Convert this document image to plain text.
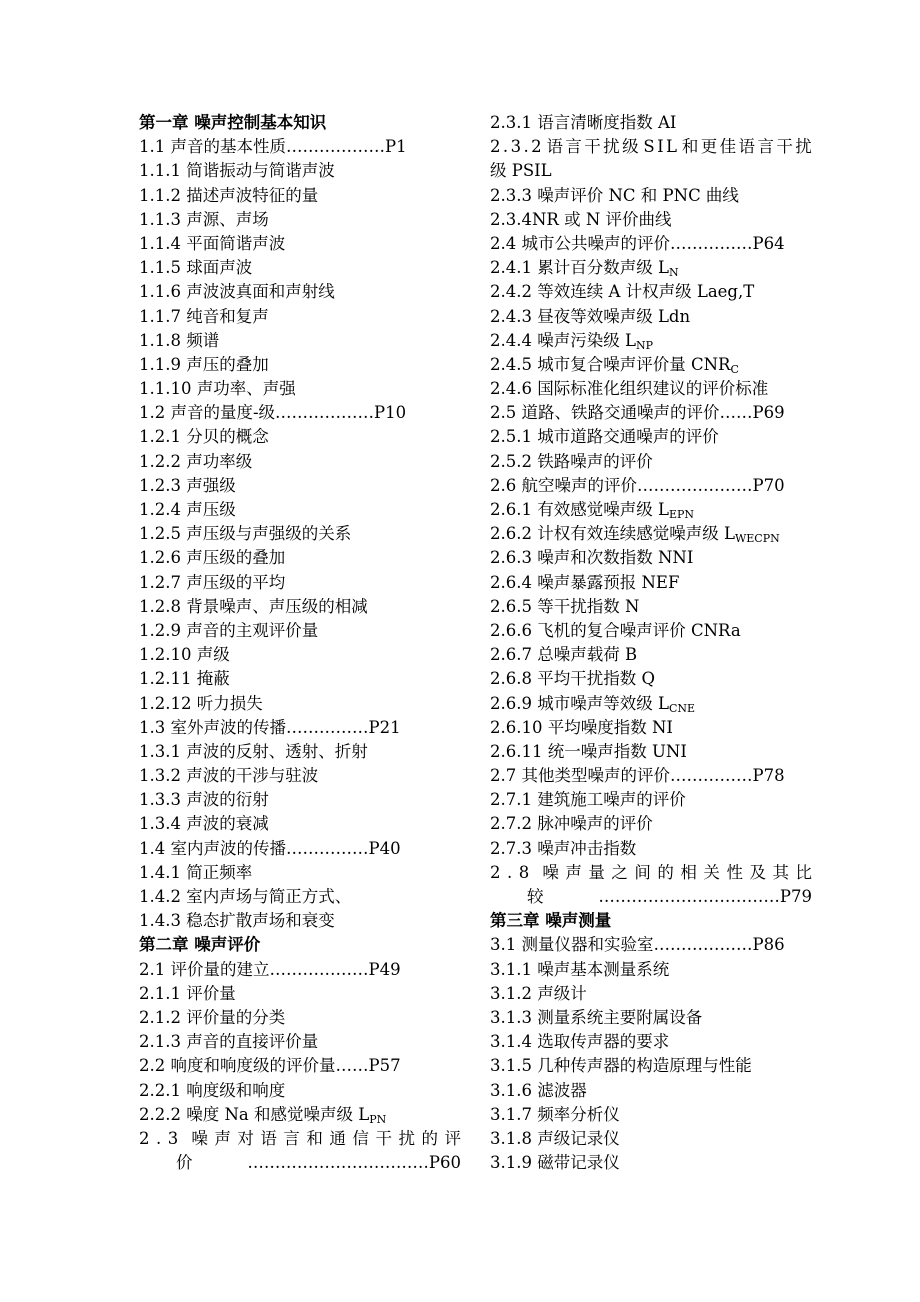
第一章 噪声控制基本知识
1.1 声音的基本性质………………P1
1.1.1 简谐振动与简谐声波
1.1.2 描述声波特征的量
1.1.3 声源、声场
1.1.4 平面简谐声波
1.1.5 球面声波
1.1.6 声波波真面和声射线
1.1.7 纯音和复声
1.1.8 频谱
1.1.9 声压的叠加
1.1.10 声功率、声强
1.2 声音的量度-级………………P10
1.2.1 分贝的概念
1.2.2 声功率级
1.2.3 声强级
1.2.4 声压级
1.2.5 声压级与声强级的关系
1.2.6 声压级的叠加
1.2.7 声压级的平均
1.2.8 背景噪声、声压级的相减
1.2.9 声音的主观评价量
1.2.10 声级
1.2.11 掩蔽
1.2.12 听力损失
1.3 室外声波的传播……………P21
1.3.1 声波的反射、透射、折射
1.3.2 声波的干涉与驻波
1.3.3 声波的衍射
1.3.4 声波的衰减
1.4 室内声波的传播……………P40
1.4.1 简正频率
1.4.2 室内声场与简正方式、
1.4.3 稳态扩散声场和衰变
第二章 噪声评价
2.1 评价量的建立………………P49
2.1.1 评价量
2.1.2 评价量的分类
2.1.3 声音的直接评价量
2.2 响度和响度级的评价量……P57
2.2.1 响度级和响度
2.2.2 噪度 Na 和感觉噪声级 $L_{PN}$
2 . 3 噪 声 对 语 言 和 通 信 干 扰 的 评
价	……………………………P60
2.3.1 语言清晰度指数 AI
2 . 3 . 2 语 言 干 扰 级 S I L 和 更 佳 语 言 干 扰
级 PSIL
2.3.3 噪声评价 NC 和 PNC 曲线
2.3.4NR 或 N 评价曲线
2.4 城市公共噪声的评价……………P64
2.4.1 累计百分数声级 $L_N$
2.4.2 等效连续 A 计权声级 Laeg,T
2.4.3 昼夜等效噪声级 Ldn
2.4.4 噪声污染级 $L_{NP}$
2.4.5 城市复合噪声评价量 $CNR_C$
2.4.6 国际标准化组织建议的评价标准
2.5 道路、铁路交通噪声的评价……P69
2.5.1 城市道路交通噪声的评价
2.5.2 铁路噪声的评价
2.6 航空噪声的评价…………………P70
2.6.1 有效感觉噪声级 $L_{EPN}$
2.6.2 计权有效连续感觉噪声级 $L_{WECPN}$
2.6.3 噪声和次数指数 NNI
2.6.4 噪声暴露预报 NEF
2.6.5 等干扰指数 N
2.6.6 飞机的复合噪声评价 CNRa
2.6.7 总噪声载荷 B
2.6.8 平均干扰指数 Q
2.6.9 城市噪声等效级 $L_{CNE}$
2.6.10 平均噪度指数 NI
2.6.11 统一噪声指数 UNI
2.7 其他类型噪声的评价……………P78
2.7.1 建筑施工噪声的评价
2.7.2 脉冲噪声的评价
2.7.3 噪声冲击指数
2 . 8 噪 声 量 之 间 的 相 关 性 及 其 比
较	……………………………P79
第三章 噪声测量
3.1 测量仪器和实验室………………P86
3.1.1 噪声基本测量系统
3.1.2 声级计
3.1.3 测量系统主要附属设备
3.1.4 选取传声器的要求
3.1.5 几种传声器的构造原理与性能
3.1.6 滤波器
3.1.7 频率分析仪
3.1.8 声级记录仪
3.1.9 磁带记录仪
